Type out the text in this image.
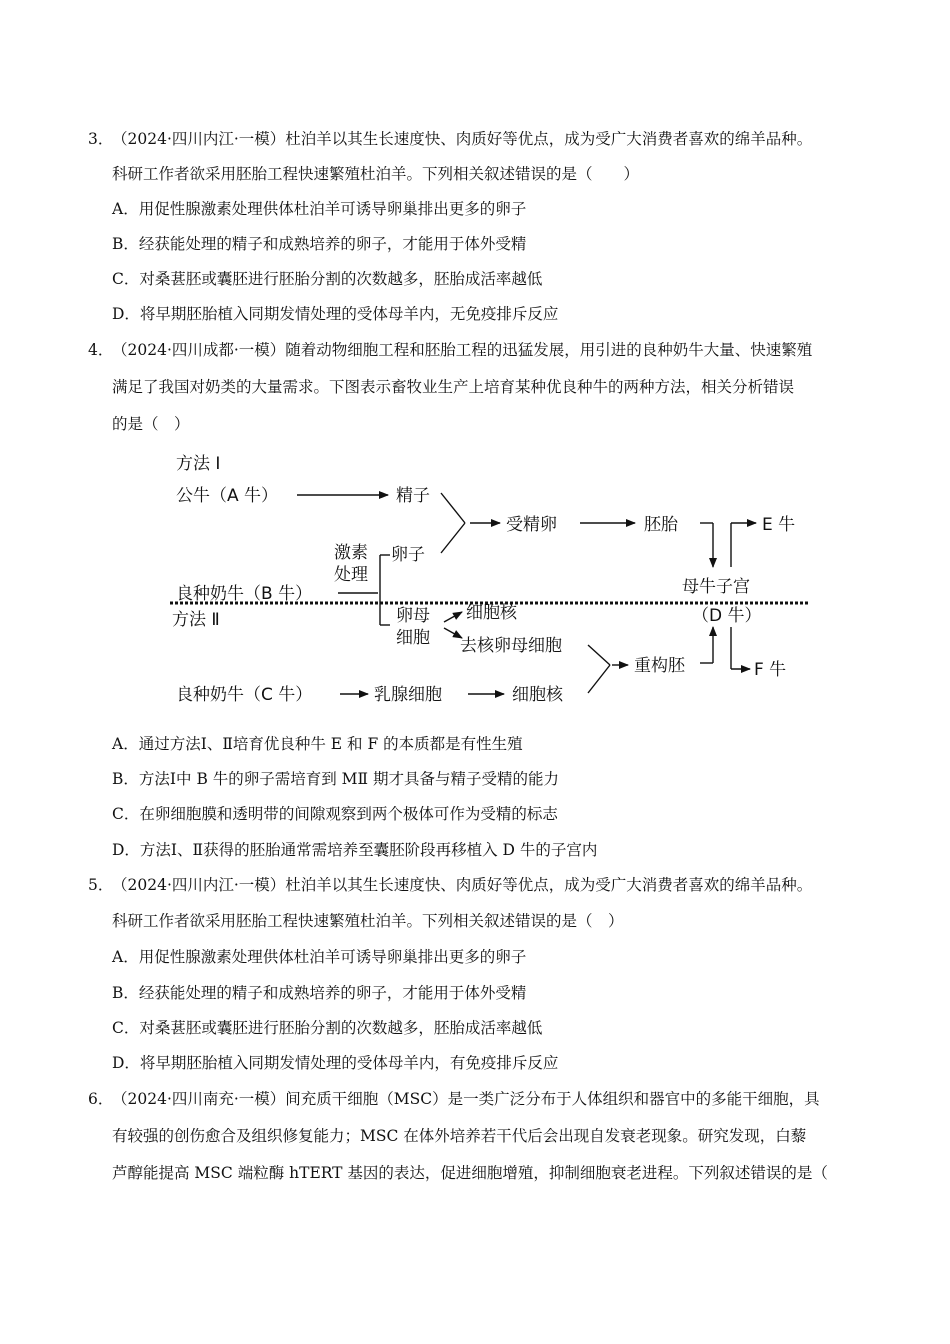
3．
（2024·四川内江·一模）杜泊羊以其生长速度快、肉质好等优点，成为受广大消费者喜欢的绵羊品种。
科研工作者欲采用胚胎工程快速繁殖杜泊羊。下列相关叙述错误的是（　　）
A．用促性腺激素处理供体杜泊羊可诱导卵巢排出更多的卵子
B．经获能处理的精子和成熟培养的卵子，才能用于体外受精
C．对桑葚胚或囊胚进行胚胎分割的次数越多，胚胎成活率越低
D．将早期胚胎植入同期发情处理的受体母羊内，无免疫排斥反应
4．
（2024·四川成都·一模）随着动物细胞工程和胚胎工程的迅猛发展，用引进的良种奶牛大量、快速繁殖
满足了我国对奶类的大量需求。下图表示畜牧业生产上培育某种优良种牛的两种方法，相关分析错误
的是（　）
方法 Ⅰ
公牛（A 牛）	精子
受精卵	胚胎	E 牛
激素
处理
卵子
良种奶牛（B 牛）	母牛子宫
方法 Ⅱ	（D 牛）
卵母
细胞
细胞核
去核卵母细胞
重构胚	F 牛
良种奶牛（C 牛）	乳腺细胞	细胞核
A．通过方法Ⅰ、Ⅱ培育优良种牛 E 和 F 的本质都是有性生殖
B．方法Ⅰ中 B 牛的卵子需培育到 MⅡ 期才具备与精子受精的能力
C．在卵细胞膜和透明带的间隙观察到两个极体可作为受精的标志
D．方法Ⅰ、Ⅱ获得的胚胎通常需培养至囊胚阶段再移植入 D 牛的子宫内
5．
（2024·四川内江·一模）杜泊羊以其生长速度快、肉质好等优点，成为受广大消费者喜欢的绵羊品种。
科研工作者欲采用胚胎工程快速繁殖杜泊羊。下列相关叙述错误的是（　）
A．用促性腺激素处理供体杜泊羊可诱导卵巢排出更多的卵子
B．经获能处理的精子和成熟培养的卵子，才能用于体外受精
C．对桑葚胚或囊胚进行胚胎分割的次数越多，胚胎成活率越低
D．将早期胚胎植入同期发情处理的受体母羊内，有免疫排斥反应
6．
（2024·四川南充·一模）间充质干细胞（MSC）是一类广泛分布于人体组织和器官中的多能干细胞，具
有较强的创伤愈合及组织修复能力；MSC 在体外培养若干代后会出现自发衰老现象。研究发现，白藜
芦醇能提高 MSC 端粒酶 hTERT 基因的表达，促进细胞增殖，抑制细胞衰老进程。下列叙述错误的是（
